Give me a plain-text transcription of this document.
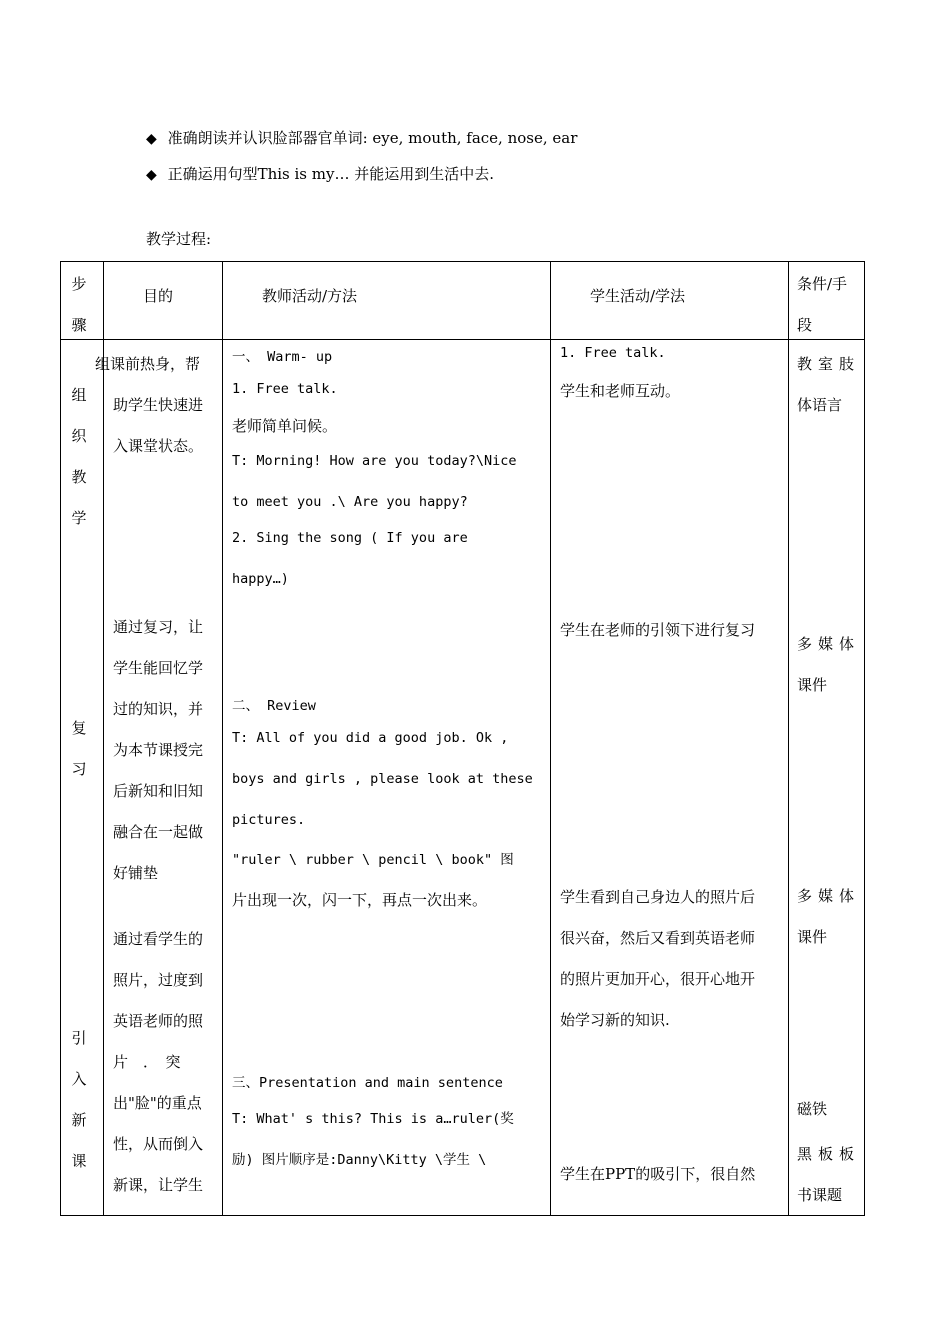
◆ 准确朗读并认识脸部器官单词: eye, mouth, face, nose, ear
◆ 正确运用句型This is my… 并能运用到生活中去.
教学过程:
步
骤
目的	教师活动/方法	学生活动/学法
条件/手
段
组
织
教
学
复
习
引
入
新
课
组课前热身，帮
助学生快速进
入课堂状态。
通过复习，让
学生能回忆学
过的知识，并
为本节课授完
后新知和旧知
融合在一起做
好铺垫
通过看学生的
照片，过度到
英语老师的照
片　．　突
出"脸"的重点
性，从而倒入
新课，让学生
一、 Warm- up
1. Free talk.
老师简单问候。
T: Morning! How are you today?\Nice
to meet you .\ Are you happy?
2. Sing the song ( If you are
happy…)
二、 Review
T: All of you did a good job. Ok ,
boys and girls , please look at these
pictures.
"ruler \ rubber \ pencil \ book" 图
片出现一次，闪一下，再点一次出来。
三、Presentation and main sentence
T: What' s this? This is a…ruler(奖
励) 图片顺序是:Danny\Kitty \学生 \
1. Free talk.
学生和老师互动。
学生在老师的引领下进行复习
学生看到自己身边人的照片后
很兴奋，然后又看到英语老师
的照片更加开心，很开心地开
始学习新的知识.
学生在PPT的吸引下，很自然
教室肢
体语言
多媒体
课件
多媒体
课件
磁铁
黑板板
书课题
